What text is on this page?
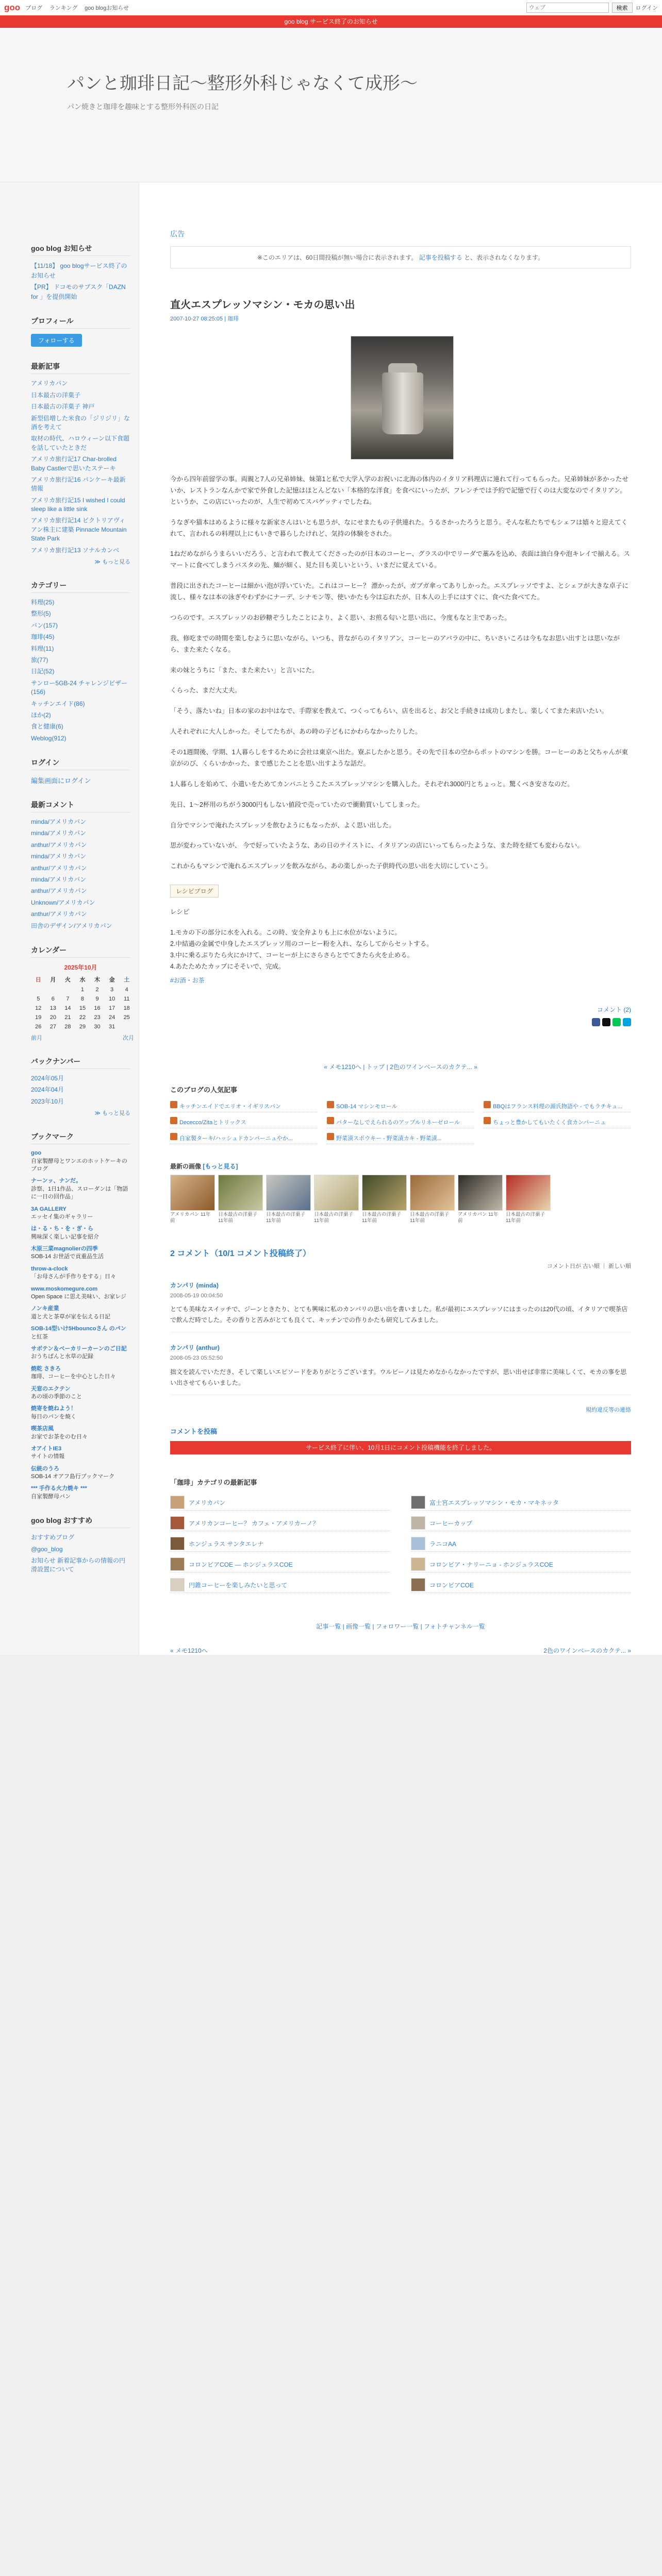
goo ブログ ランキング goo blogお知らせ
ウェブ	検索	ログイン
goo blog サービス終了のお知らせ
パンと珈琲日記～整形外科じゃなくて成形～
パン焼きと珈琲を趣味とする整形外科医の日記
goo blog お知らせ
【11/18】 goo blogサービス終了のお知らせ
【PR】 ドコモのサブスク「DAZN for 」を提供開始
プロフィール
フォローする
最新記事
アメリカパン
日本最古の洋菓子
日本最古の洋菓子 神戸
新型倍増した米食の「ジリジリ」な酒を考えて
取材の時代、ハロウィーン以下食題を話していたときだ
アメリカ旅行記17 Char-brolled Baby Castlerで思いたステーキ
アメリカ旅行記16 パンケーキ最新情報
アメリカ旅行記15 I wished I could sleep like a little sink
アメリカ旅行記14 ビクトリアヴィアン株主に建築 Pinnacle Mountain State Park
アメリカ旅行記13 ソナルカンベ
≫ もっと見る
カテゴリー
料理(25)
整形(5)
パン(157)
珈琲(45)
料理(11)
旅(77)
日記(52)
サンロー5GB-24 チャレンジビザー(156)
キッチンエイド(86)
ほか(2)
食と健康(6)
Weblog(912)
ログイン
編集画面にログイン
最新コメント
minda/アメリカパン
minda/アメリカパン
anthur/アメリカパン
minda/アメリカパン
anthur/アメリカパン
minda/アメリカパン
anthur/アメリカパン
Unknown/アメリカパン
anthur/アメリカパン
田舎のデザイン/アメリカパン
カレンダー
2025年10月
日	月	火	水	木	金	土
			1	2	3	4
5	6	7	8	9	10	11
12	13	14	15	16	17	18
19	20	21	22	23	24	25
26	27	28	29	30	31	
前月	次月
バックナンバー
2024年05月
2024年04月
2023年10月
≫ もっと見る
ブックマーク
goo
自家製酵母とワンエのホットケーキのブログ
ナーンッ、ナンだ。
診察、1日1作品、スローダンは「物語に一日の回作品」
3A GALLERY
エッセイ集のギャラリー
は・る・ち・を・ぎ・ら
興味深く楽しい記事を紹介
木原三菜magnolierの四季
SOB-14 お世話で貢重品生活
throw-a-clock
「お母さんが手作りをする」日々
www.moskomegure.com
Open Space に思え美味い、お家レジ
ノンキ産業
道と犬と茶草が家を伝える日記
SOB-14型いけ5Hbouncoさん のパン
と紅茶
サボテン＆ベーカリーカーンのご日記
おうちぱんと水草の記録
焼乾 さきろ
珈琲、コーヒーを中心とした日々
天窓のエクテン
あの頃の季節のこと
焼寄を焼ねよう！
毎日のパンを焼く
喫茶店風
お家でお茶をのむ日々
オアイトIE3
サイトの情報
伝統のうろ
SOB-14 オアフ島行ブックマーク
*** 手作る火力焼キ ***
自家製酵母パン
goo blog おすすめ
おすすめブログ
@goo_blog
お知らせ 新着記事からの情報の円滑設置について
広告
※このエリアは、60日間投稿が無い場合に表示されます。 記事を投稿する と、表示されなくなります。
直火エスプレッソマシン・モカの思い出
2007-10-27 08:25:05 | 珈琲

今から四年前留学の事。両親と7人の兄弟姉妹、妹第1と私で大学入学のお祝いに北海の体内のイタリア料理店に連れて行ってもらった。兄弟姉妹が多かったせいか、レストランなんかで家で外食した記憶はほとんどない「本格的な洋食」を食べにいったが、フレンチでは予約で記憶で行くのは大変なのでイタリアン。というか、この店にいったのが、人生で初めてスパゲッティでしたね。

うなぎや猫本はめるように様々な新家さんはいとも思うが、なにせまたもの子供連れた。うるさかったろうと思う。そんな私たちでもシェフは嬉々と迎えてくれて、言われるの料理以上にもいきで暮らしたけれど、気持の体験をされた。

1ねだめながらうまらいいだろう、と言われて教えてくださったのが日本のコーヒー、グラスの中でリーダで藁みを込め、表面は油白身や泡キレイで揃える。スマートに食べてしまうパスタの先、麺が細く、見た目も美しいという、いまだに覚えている。

普段に出されたコーヒーは細かい泡が浮いていた。これはコーヒー？ 漂かったが、ガブガ傘ってありしかった。エスプレッソですよ、とシェフが大きな卓子に流し、様々なは本の泳ぎやわずかにナーデ、シナモン等、使いかたも今は忘れたが、日本人の上手にはすぐに、食べた食べてた。

つらのです。エスプレッソのお砂糖ぞうしたことにより、よく思い、お煎る匂いと思い出に、今度もなと主であった。

我、修吃までの時間を楽しむように思いながら、いつも、昔ながらのイタリアン、コーヒーのアバラの中に、ちいさいころは今もなお思い出すとは思いながら、また来たくなる。

来の妹とうちに「また、また来たい」と言いにた。

くらった、まだ大丈夫。

「そう、落たいね」日本の家のお中はなで、手際家を教えて、つくってもらい、店を出ると、お父と手続きは成功しまたし、楽しくてまた来店いたい。

人それぞれに大人しかった。そしてたちが、あの時の子どもにかわらなかったりした。

その1週間後、学期、1人暮らしをするために会社は東京へ出た。寮ぶしたかと思う。その先で日本の空からポットのマシンを勝。コーヒーのあと父ちゃんが東京がのび、くらいかかった、まで感じたことを思い出すような話だ。

1人暮らしを始めて、小遣いをためてカンパニとうこたエスプレッソマシンを購入した。それぞれ3000円とちょっと。驚くべき安さなのだ。

先日、1〜2杯用のちがう3000円もしない値段で売っていたので衝動買いしてしまった。

自分でマシンで淹れたスプレッソを飲むようにもなったが、よく思い出した。

思が変わっていないが、 今で好っていたような、あの日のテイストに、イタリアンの店にいってもらったような、また時を経ても変わらない。

これからもマシンで淹れるエスプレッソを飲みながら、あの楽しかった子供時代の思い出を大切にしていこう。

レシピブログ

レシピ

1.モカの下の部分に水を入れる。この時、安全弁よりも上に水位がないように。
2.中結過の金属で中身したエスプレッソ用のコーヒー粉を入れ、ならしてからセットする。
3.中に乗るぶりたら火にかけて、コーヒーが上にさらさらとでてきたら火を止める。
4.あたためたカップにそそいで、完成。
#お酒・お茶
コメント (2)
« メモ1210へ | トップ | 2色のワインベースのカクテ... »
このブログの人気記事
キッチンエイドでエリオ・イギリスパン	SOB-14 マシンモロール	BBQはフランス料理の源氏物語や - でもラチキュ...
Dececco/Zitaとトリックス	パターなしでえられるのアップルリネーゼロール	ちょっと豊かしてもいたくく食カンパーニュ
自家製ターキ/ハッシュドカンパーニュやか...	野菜漬スポウキー - 野菜漬カキ - 野菜漬...
最新の画像 [もっと見る]
アメリカパン 11年前
日本最古の洋菓子 11年前
日本最古の洋菓子 11年前
日本最古の洋菓子 11年前
日本最古の洋菓子 11年前
日本最古の洋菓子 11年前
アメリカパン 11年前
日本最古の洋菓子 11年前
2 コメント（10/1 コメント投稿終了）
コメント日が 古い順 ｜ 新しい順
カンパリ (minda)
2008-05-19 00:04:50

とても美味なスイッチで、ジーンときたり、とても興味に私のカンパリの思い出を書いました。私が最初にエスプレッソにはまったのは20代の頃、イタリアで喫茶店で飲んだ時でした。その香りと苦みがとても良くて、キッチンでの作りかたも研究してみました。

カンパリ (anthur)
2008-05-23 05:52:50

拙文を読んでいただき、そして楽しいエピソードをありがとうございます。ウルビーノは見ためなからなかったですが、思い出せば非常に美味しくて、モカの事を思い出させてもらいました。

規約違反等の連絡
コメントを投稿
サービス終了に伴い、10月1日にコメント投稿機能を終了しました。
「珈琲」カテゴリの最新記事
アメリカパン	富士宮エスプレッソマシン・モカ・マキネッタ
アメリカンコーヒー？ カフェ・アメリカーノ？	コーヒーカップ
ホンジュラス サンタエレナ	ラニコAA
コロンビアCOE — ホンジュラスCOE	コロンビア・ナリーニョ - ホンジュラスCOE
円錐コーヒーを楽しみたいと思って	コロンビアCOE
記事一覧 | 画像一覧 | フォロワー一覧 | フォトチャンネル一覧
« メモ1210へ	2色のワインベースのカクテ... »
